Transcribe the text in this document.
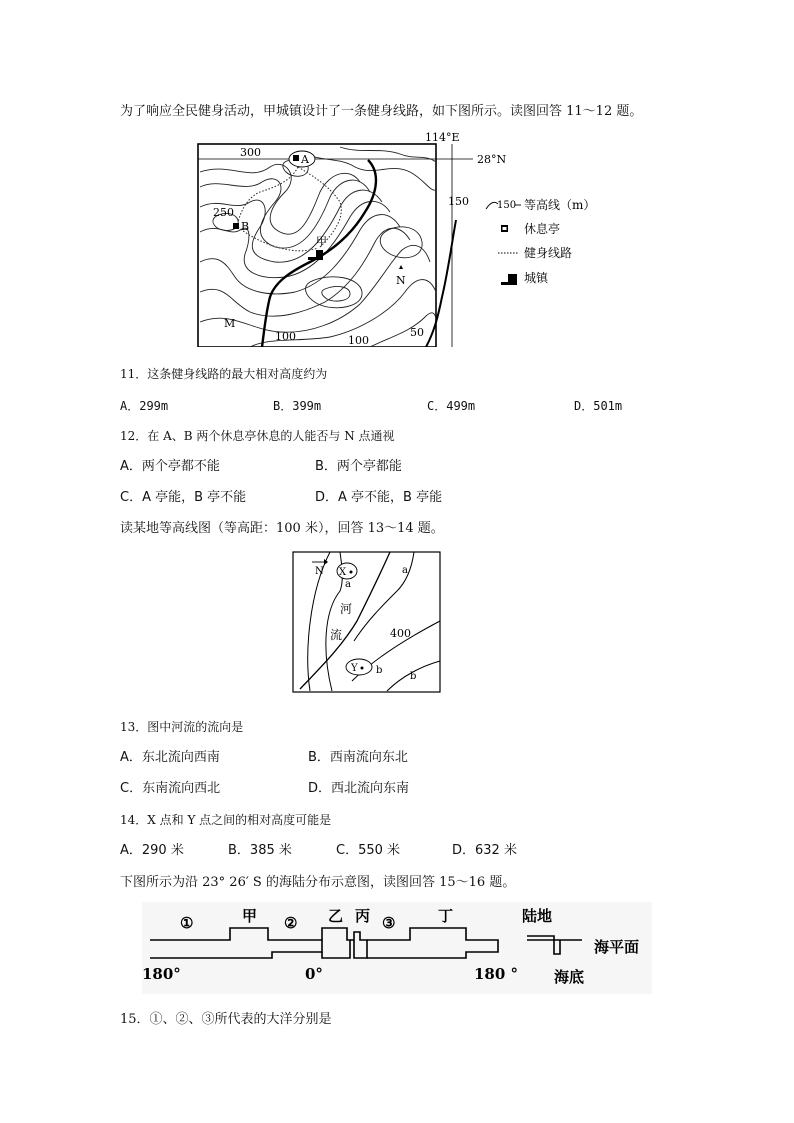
为了响应全民健身活动，甲城镇设计了一条健身线路，如下图所示。读图回答 11～12 题。
A
B
甲
N
M
300
250
150
100	100
50
114°E
28°N
150 等高线（m）
休息亭
健身线路
城镇
11．这条健身线路的最大相对高度约为
A．299m	B．399m	C．499m	D．501m
12．在 A、B 两个休息亭休息的人能否与 N 点通视
A．两个亭都不能	B．两个亭都能
C．A 亭能，B 亭不能	D．A 亭不能，B 亭能
读某地等高线图（等高距：100 米），回答 13～14 题。
N X
Y
a
a
b
b
河
流	400
13．图中河流的流向是
A．东北流向西南	B．西南流向东北
C．东南流向西北	D．西北流向东南
14．X 点和 Y 点之间的相对高度可能是
A．290 米	B．385 米	C．550 米	D．632 米
下图所示为沿 23° 26′ S 的海陆分布示意图，读图回答 15～16 题。
①	甲 ② 乙 丙 ③	丁	陆地
海平面
海底
180°	0°	180 °
15．①、②、③所代表的大洋分别是
